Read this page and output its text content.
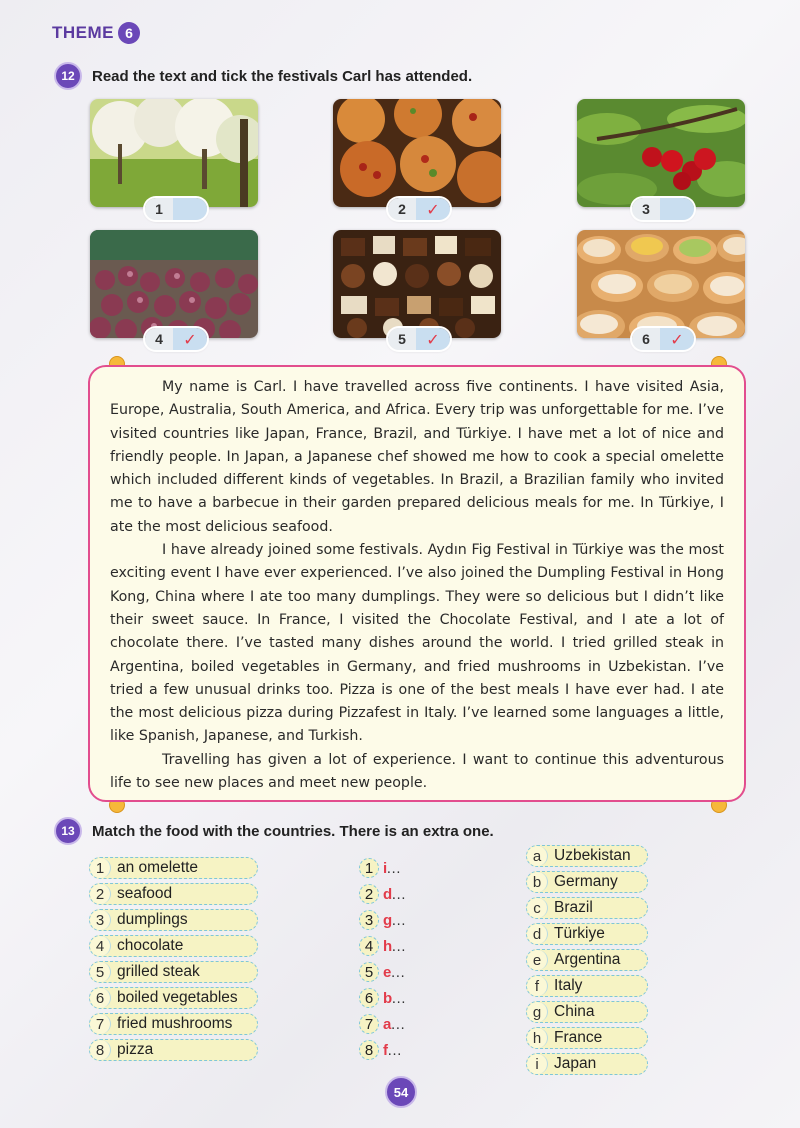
THEME 6
12	Read the text and tick the festivals Carl has attended.
1	2	✓	3
4	✓	5	✓	6	✓

My name is Carl. I have travelled across five continents. I have visited Asia, Europe, Australia, South America, and Africa. Every trip was unforgettable for me. I’ve visited countries like Japan, France, Brazil, and Türkiye. I have met a lot of nice and friendly people. In Japan, a Japanese chef showed me how to cook a special omelette which included different kinds of vegetables. In Brazil, a Brazilian family who invited me to have a barbecue in their garden prepared delicious meals for me. In Türkiye, I ate the most delicious seafood.

I have already joined some festivals. Aydın Fig Festival in Türkiye was the most exciting event I have ever experienced. I’ve also joined the Dumpling Festival in Hong Kong, China where I ate too many dumplings. They were so delicious but I didn’t like their sweet sauce. In France, I visited the Chocolate Festival, and I ate a lot of chocolate there. I’ve tasted many dishes around the world. I tried grilled steak in Argentina, boiled vegetables in Germany, and fried mushrooms in Uzbekistan. I’ve tried a few unusual drinks too. Pizza is one of the best meals I have ever had. I ate the most delicious pizza during Pizzafest in Italy. I’ve learned some languages a little, like Spanish, Japanese, and Turkish.

Travelling has given a lot of experience. I want to continue this adventurous life to see new places and meet new people.

13	Match the food with the countries. There is an extra one.
1 an omelette
2 seafood
3 dumplings
4 chocolate
5 grilled steak
6 boiled vegetables
7 fried mushrooms
8 pizza
1 i …
2 d …
3 g …
4 h …
5 e …
6 b …
7 a …
8 f …
a Uzbekistan
b Germany
c Brazil
d Türkiye
e Argentina
f Italy
g China
h France
i Japan
54
